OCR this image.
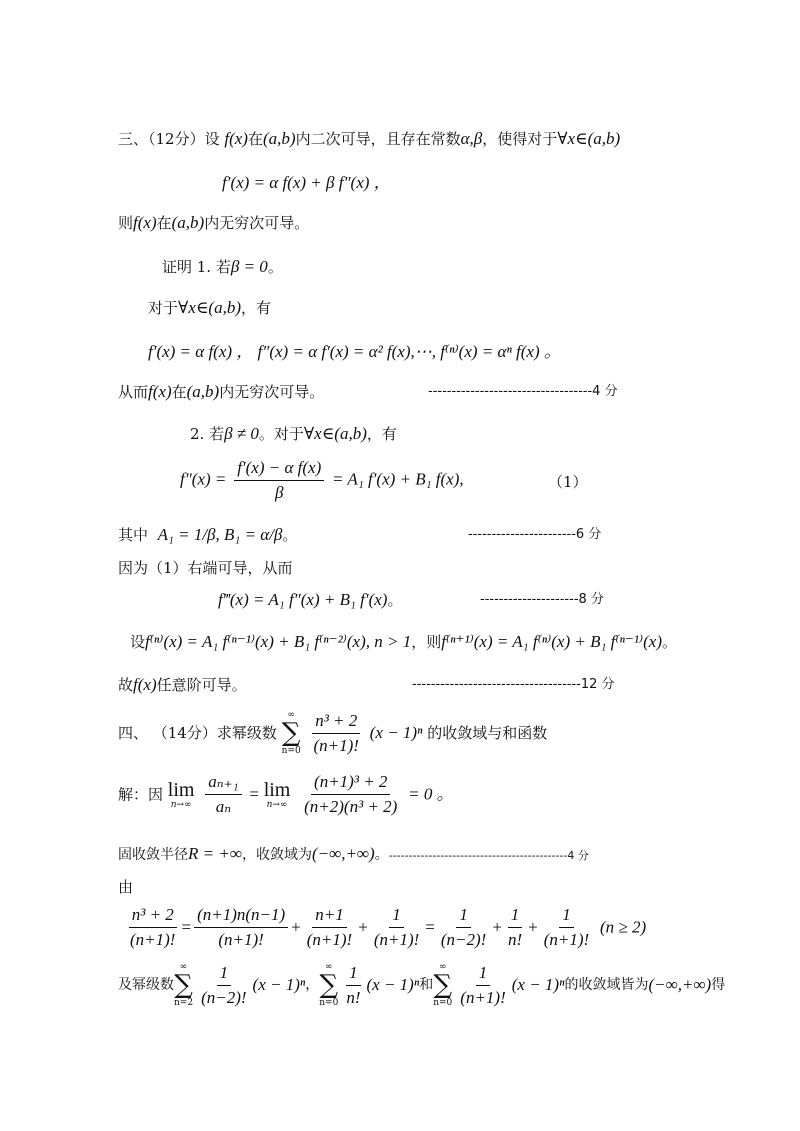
三、（12分）设 f(x)在(a,b)内二次可导，且存在常数α,β，使得对于∀x∈(a,b)
f′(x) = α f(x) + β f″(x) ，
则f(x)在(a,b)内无穷次可导。
证明 1. 若β = 0。
对于∀x∈(a,b)，有
f′(x) = α f(x) ， f″(x) = α f′(x) = α² f(x),⋯, f⁽ⁿ⁾(x) = αⁿ f(x) 。
从而f(x)在(a,b)内无穷次可导。	-----------------------------------4 分
2. 若β ≠ 0。对于∀x∈(a,b)，有
$f''(x) = \frac{\text{f′(x) − α f(x)}}{\beta} = A_1$ f′(x) + B₁ f(x),	（1）
其中 A₁ = 1/β, B₁ = α/β。	-----------------------6 分
因为（1）右端可导，从而
f‴(x) = A₁ f″(x) + B₁ f′(x)。	---------------------8 分
设f⁽ⁿ⁾(x) = A₁ f⁽ⁿ⁻¹⁾(x) + B₁ f⁽ⁿ⁻²⁾(x), n > 1，则f⁽ⁿ⁺¹⁾(x) = A₁ f⁽ⁿ⁾(x) + B₁ f⁽ⁿ⁻¹⁾(x)。
故f(x)任意阶可导。	------------------------------------12 分
四、 （14分）求幂级数
∞
∑
n=0
$\frac{\text{n³ + 2}}{(n+1)!} (x - 1)^n$ 的收敛域与和函数
解：因 lim
n→∞
$\frac{\text{aₙ₊₁}}{\text{aₙ}} = \lim$
n→∞
$\frac{\text{(n+1)³ + 2}}{\text{(n+2)(n³ + 2)}} = 0$ 。
固收敛半径R = +∞，收敛域为(−∞,+∞)。---------------------------------------------4 分
由
$\frac{\text{n³ + 2}}{(n+1)!} = \frac{(n+1)n(n-1)}{(n+1)!} + \frac{n+1}{(n+1)!} + \frac{1}{(n+1)!} = \frac{1}{(n-2)!} + \frac{1}{n!} + \frac{1}{(n+1)!} (n \ge 2)$
及幂级数
∞
∑
$n=2 \frac{1}{(n-2)!} (x - 1)^n$，
∞
∑
$n=0 \frac{1}{n!} (x - 1)^n$和
∞
∑
$n=0 \frac{1}{(n+1)!} (x - 1)^n$的收敛域皆为(−∞,+∞)得
